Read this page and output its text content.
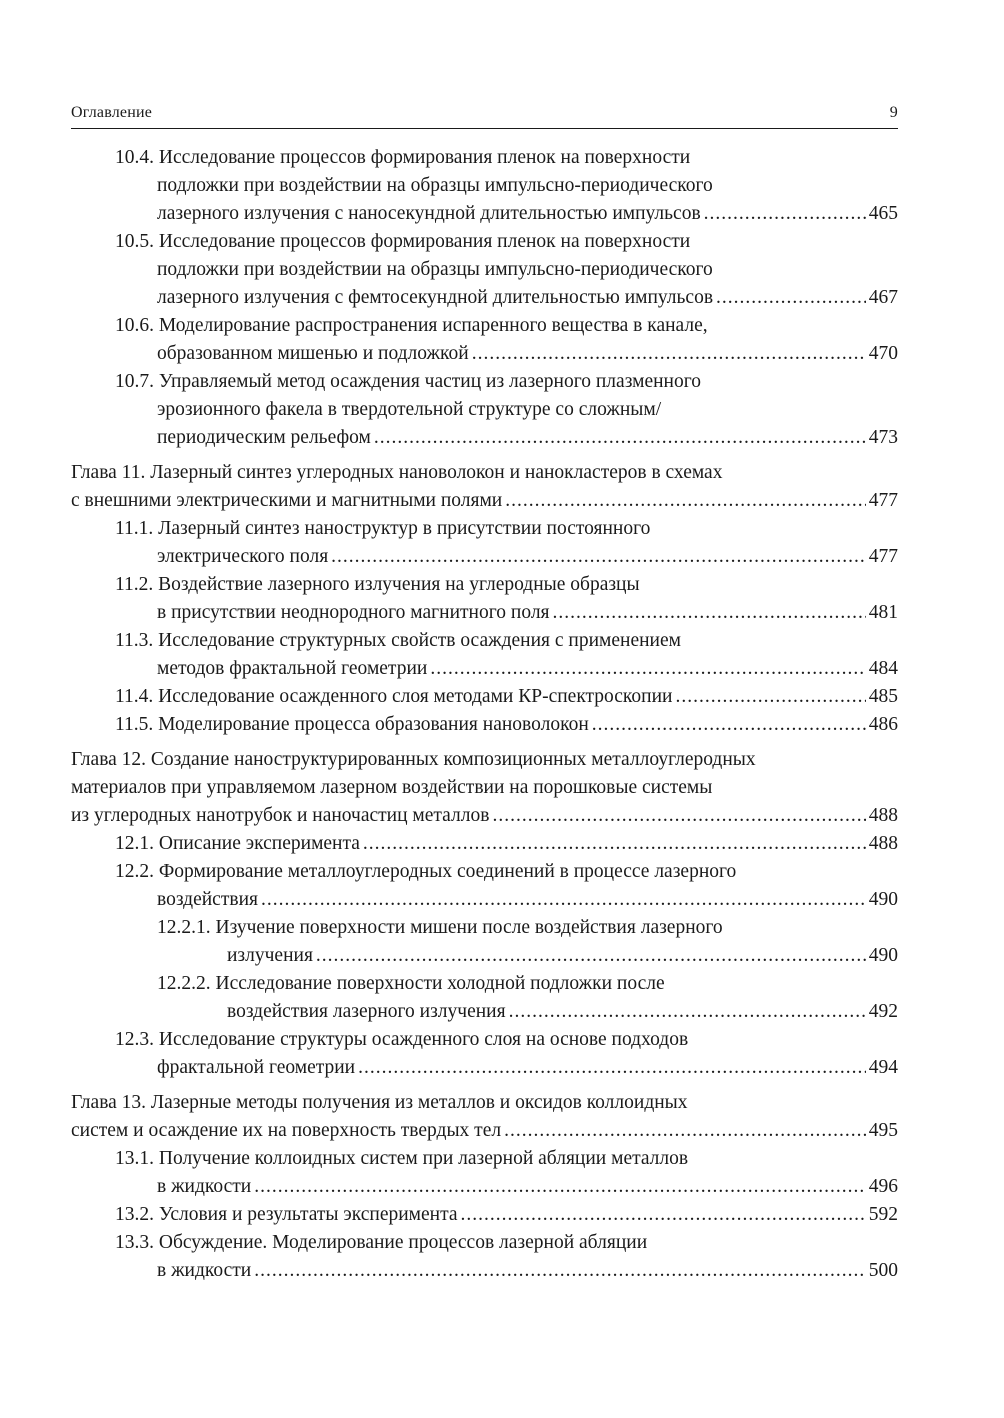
Оглавление	9
10.4. Исследование процессов формирования пленок на поверхности
подложки при воздействии на образцы импульсно-периодического
лазерного излучения с наносекундной длительностью импульсов .....	465
10.5. Исследование процессов формирования пленок на поверхности
подложки при воздействии на образцы импульсно-периодического
лазерного излучения с фемтосекундной длительностью импульсов .....	467
10.6. Моделирование распространения испаренного вещества в канале,
образованном мишенью и подложкой .....	470
10.7. Управляемый метод осаждения частиц из лазерного плазменного
эрозионного факела в твердотельной структуре со сложным/
периодическим рельефом .....	473
Глава 11. Лазерный синтез углеродных нановолокон и нанокластеров в схемах
с внешними электрическими и магнитными полями .....	477
11.1. Лазерный синтез наноструктур в присутствии постоянного
электрического поля .....	477
11.2. Воздействие лазерного излучения на углеродные образцы
в присутствии неоднородного магнитного поля .....	481
11.3. Исследование структурных свойств осаждения с применением
методов фрактальной геометрии .....	484
11.4. Исследование осажденного слоя методами КР-спектроскопии .....	485
11.5. Моделирование процесса образования нановолокон .....	486
Глава 12. Создание наноструктурированных композиционных металлоуглеродных
материалов при управляемом лазерном воздействии на порошковые системы
из углеродных нанотрубок и наночастиц металлов .....	488
12.1. Описание эксперимента .....	488
12.2. Формирование металлоуглеродных соединений в процессе лазерного
воздействия .....	490
12.2.1. Изучение поверхности мишени после воздействия лазерного
излучения .....	490
12.2.2. Исследование поверхности холодной подложки после
воздействия лазерного излучения .....	492
12.3. Исследование структуры осажденного слоя на основе подходов
фрактальной геометрии .....	494
Глава 13. Лазерные методы получения из металлов и оксидов коллоидных
систем и осаждение их на поверхность твердых тел .....	495
13.1. Получение коллоидных систем при лазерной абляции металлов
в жидкости .....	496
13.2. Условия и результаты эксперимента .....	592
13.3. Обсуждение. Моделирование процессов лазерной абляции
в жидкости .....	500
